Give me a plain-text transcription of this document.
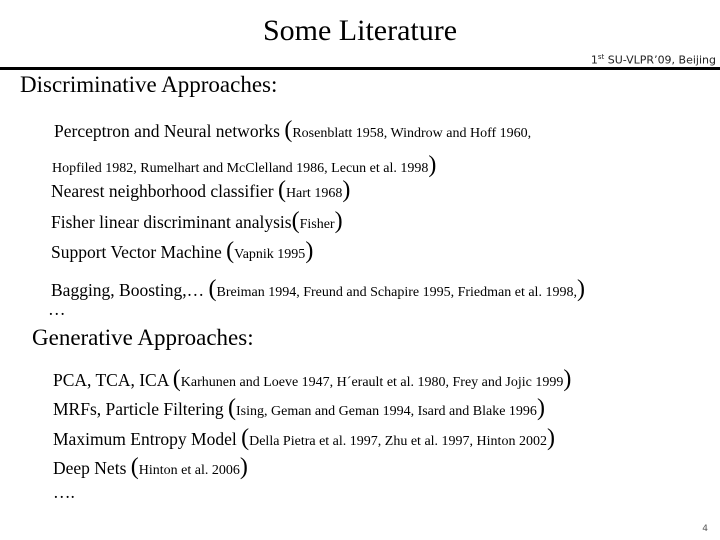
Some Literature
1st SU-VLPR’09, Beijing
Discriminative Approaches:
Perceptron and Neural networks (Rosenblatt 1958, Windrow and Hoff 1960,
Hopfiled 1982, Rumelhart and McClelland 1986, Lecun et al. 1998)
Nearest neighborhood classifier (Hart 1968)
Fisher linear discriminant analysis(Fisher)
Support Vector Machine (Vapnik 1995)
Bagging, Boosting,… (Breiman 1994, Freund and Schapire 1995, Friedman et al. 1998,)
…
Generative Approaches:
PCA, TCA, ICA (Karhunen and Loeve 1947, H´erault et al. 1980, Frey and Jojic 1999)
MRFs, Particle Filtering (Ising, Geman and Geman 1994, Isard and Blake 1996)
Maximum Entropy Model (Della Pietra et al. 1997, Zhu et al. 1997, Hinton 2002)
Deep Nets (Hinton et al. 2006)
….
4
